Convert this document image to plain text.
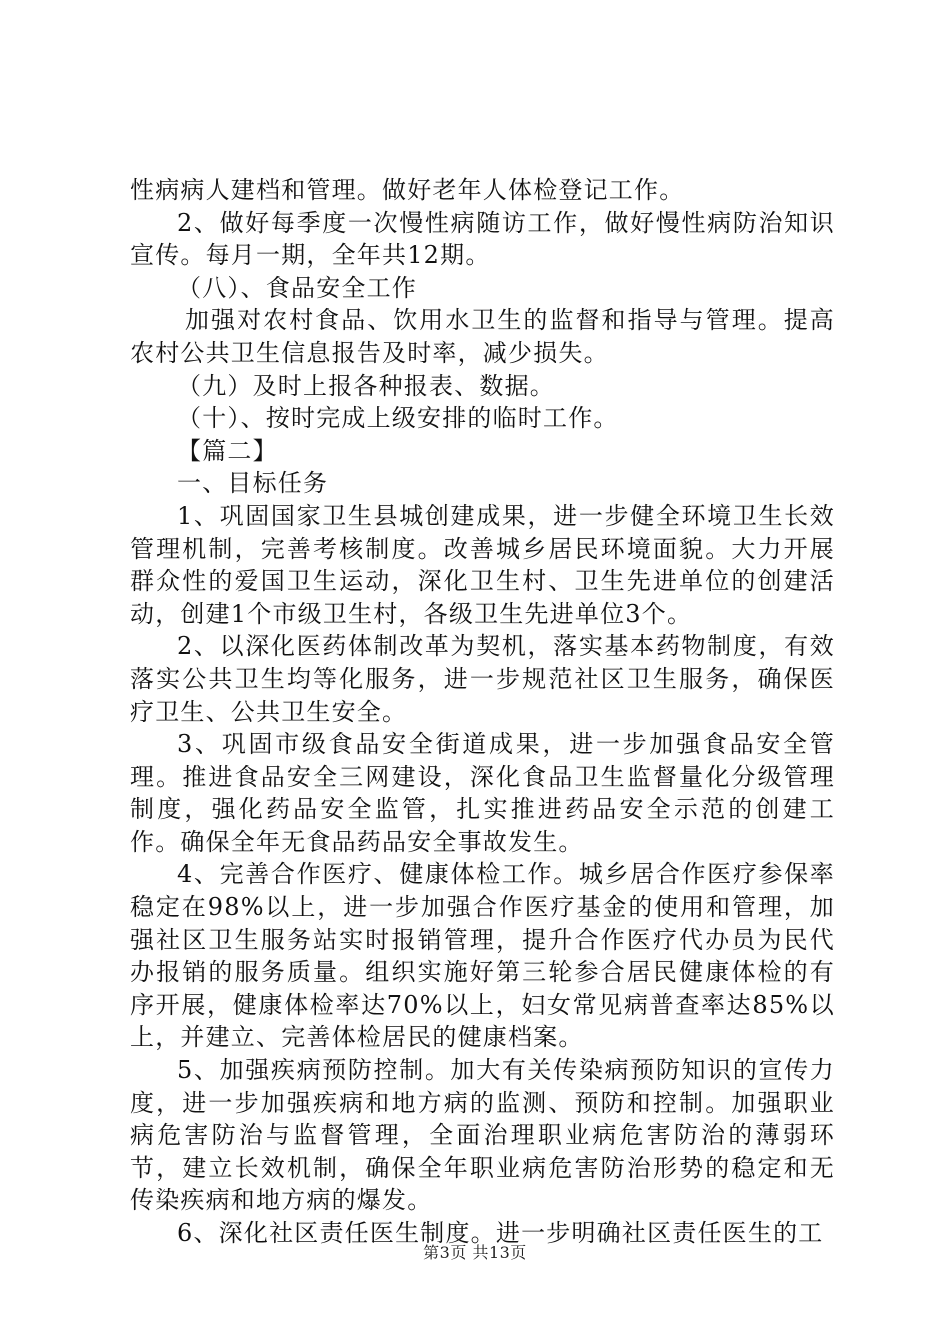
性病病人建档和管理。做好老年人体检登记工作。

2、做好每季度一次慢性病随访工作，做好慢性病防治知识宣传。每月一期，全年共12期。

（八）、食品安全工作

加强对农村食品、饮用水卫生的监督和指导与管理。提高农村公共卫生信息报告及时率，减少损失。

（九）及时上报各种报表、数据。

（十）、按时完成上级安排的临时工作。

【篇二】

一、目标任务

1、巩固国家卫生县城创建成果，进一步健全环境卫生长效管理机制，完善考核制度。改善城乡居民环境面貌。大力开展群众性的爱国卫生运动，深化卫生村、卫生先进单位的创建活动，创建1个市级卫生村，各级卫生先进单位3个。

2、以深化医药体制改革为契机，落实基本药物制度，有效落实公共卫生均等化服务，进一步规范社区卫生服务，确保医疗卫生、公共卫生安全。

3、巩固市级食品安全街道成果，进一步加强食品安全管理。推进食品安全三网建设，深化食品卫生监督量化分级管理制度，强化药品安全监管，扎实推进药品安全示范的创建工作。确保全年无食品药品安全事故发生。

4、完善合作医疗、健康体检工作。城乡居合作医疗参保率稳定在98%以上，进一步加强合作医疗基金的使用和管理，加强社区卫生服务站实时报销管理，提升合作医疗代办员为民代办报销的服务质量。组织实施好第三轮参合居民健康体检的有序开展，健康体检率达70%以上，妇女常见病普查率达85%以上，并建立、完善体检居民的健康档案。

5、加强疾病预防控制。加大有关传染病预防知识的宣传力度，进一步加强疾病和地方病的监测、预防和控制。加强职业病危害防治与监督管理，全面治理职业病危害防治的薄弱环节，建立长效机制，确保全年职业病危害防治形势的稳定和无传染疾病和地方病的爆发。

6、深化社区责任医生制度。进一步明确社区责任医生的工

第3页 共13页
